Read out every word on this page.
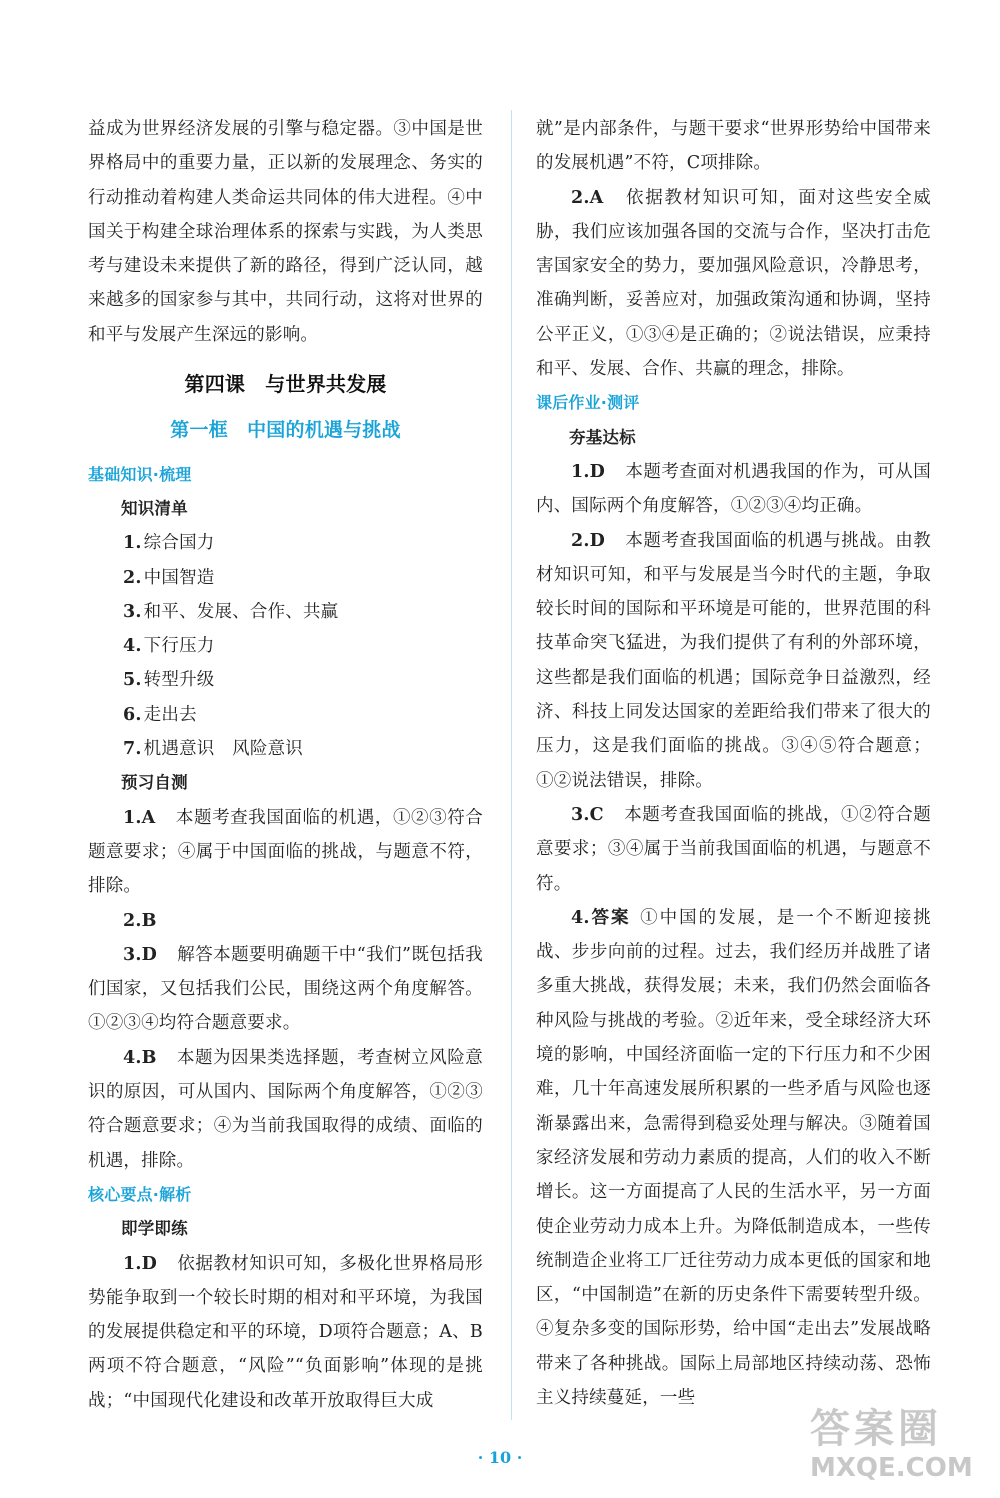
益成为世界经济发展的引擎与稳定器。③中国是世界格局中的重要力量，正以新的发展理念、务实的行动推动着构建人类命运共同体的伟大进程。④中国关于构建全球治理体系的探索与实践，为人类思考与建设未来提供了新的路径，得到广泛认同，越来越多的国家参与其中，共同行动，这将对世界的和平与发展产生深远的影响。

第四课　与世界共发展
第一框　中国的机遇与挑战
基础知识·梳理
知识清单

1. 综合国力

2. 中国智造

3. 和平、发展、合作、共赢

4. 下行压力

5. 转型升级

6. 走出去

7. 机遇意识　风险意识

预习自测

1.A　本题考查我国面临的机遇，①②③符合题意要求；④属于中国面临的挑战，与题意不符，排除。

2.B

3.D　解答本题要明确题干中“我们”既包括我们国家，又包括我们公民，围绕这两个角度解答。①②③④均符合题意要求。

4.B　本题为因果类选择题，考查树立风险意识的原因，可从国内、国际两个角度解答，①②③符合题意要求；④为当前我国取得的成绩、面临的机遇，排除。

核心要点·解析
即学即练

1.D　依据教材知识可知，多极化世界格局形势能争取到一个较长时期的相对和平环境，为我国的发展提供稳定和平的环境，D项符合题意；A、B两项不符合题意，“风险”“负面影响”体现的是挑战；“中国现代化建设和改革开放取得巨大成

就”是内部条件，与题干要求“世界形势给中国带来的发展机遇”不符，C项排除。

2.A　依据教材知识可知，面对这些安全威胁，我们应该加强各国的交流与合作，坚决打击危害国家安全的势力，要加强风险意识，冷静思考，准确判断，妥善应对，加强政策沟通和协调，坚持公平正义，①③④是正确的；②说法错误，应秉持和平、发展、合作、共赢的理念，排除。

课后作业·测评
夯基达标

1.D　本题考查面对机遇我国的作为，可从国内、国际两个角度解答，①②③④均正确。

2.D　本题考查我国面临的机遇与挑战。由教材知识可知，和平与发展是当今时代的主题，争取较长时间的国际和平环境是可能的，世界范围的科技革命突飞猛进，为我们提供了有利的外部环境，这些都是我们面临的机遇；国际竞争日益激烈，经济、科技上同发达国家的差距给我们带来了很大的压力，这是我们面临的挑战。③④⑤符合题意；①②说法错误，排除。

3.C　本题考查我国面临的挑战，①②符合题意要求；③④属于当前我国面临的机遇，与题意不符。

4.答案 ①中国的发展，是一个不断迎接挑战、步步向前的过程。过去，我们经历并战胜了诸多重大挑战，获得发展；未来，我们仍然会面临各种风险与挑战的考验。②近年来，受全球经济大环境的影响，中国经济面临一定的下行压力和不少困难，几十年高速发展所积累的一些矛盾与风险也逐渐暴露出来，急需得到稳妥处理与解决。③随着国家经济发展和劳动力素质的提高，人们的收入不断增长。这一方面提高了人民的生活水平，另一方面使企业劳动力成本上升。为降低制造成本，一些传统制造企业将工厂迁往劳动力成本更低的国家和地区，“中国制造”在新的历史条件下需要转型升级。④复杂多变的国际形势，给中国“走出去”发展战略带来了各种挑战。国际上局部地区持续动荡、恐怖主义持续蔓延，一些

· 10 ·
答案圈
MXQE.COM
